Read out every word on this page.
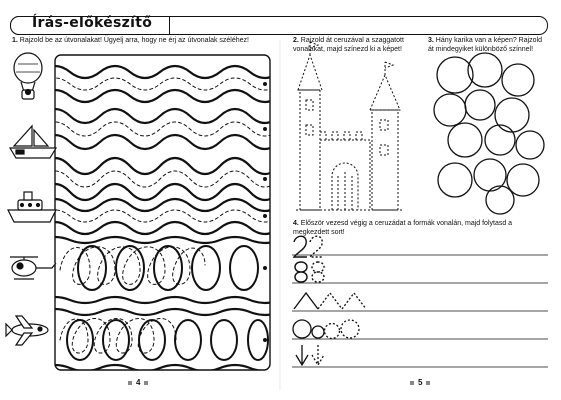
Írás-előkészítő
1. Rajzold be az útvonalakat! Ügyelj arra, hogy ne érj az útvonalak széléhez!	2. Rajzold át ceruzával a szaggatott vonalakat, majd színezd ki a képet!
3. Hány karika van a képen? Rajzold át mindegyiket különböző színnel!
4. Először vezesd végig a ceruzádat a formák vonalán, majd folytasd a megkezdett sort!
4	5
